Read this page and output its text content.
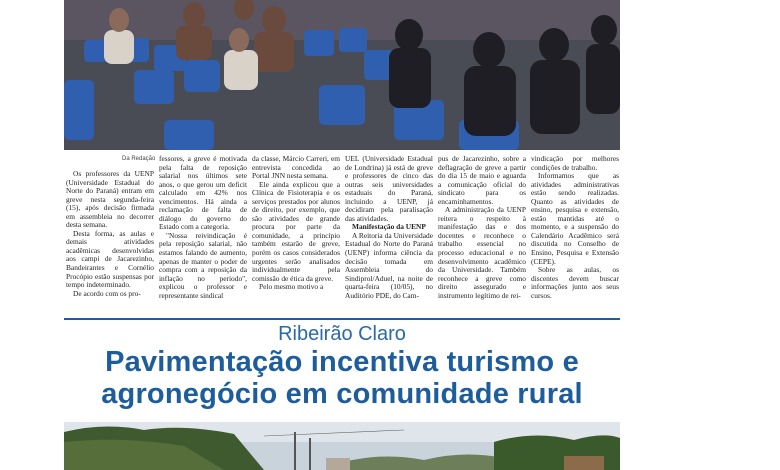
Da Redação

Os professores da UENP (Universidade Estadual do Norte do Paraná) entram em greve nesta segunda-feira (15), após decisão firmada em assembleia no decorrer desta semana.

Desta forma, as aulas e demais atividades acadêmicas desenvolvidas aos campi de Jacarezinho, Bandeirantes e Cornélio Procópio estão suspensas por tempo indeterminado.

De acordo com os pro-

fessores, a greve é motivada pela falta de reposição salarial nos últimos sete anos, o que gerou um deficit calculado em 42% nos vencimentos. Há ainda a reclamação de falta de diálogo do governo do Estado com a categoria.

"Nossa reivindicação é pela reposição salarial, não estamos falando de aumento, apenas de manter o poder de compra com a reposição da inflação no período", explicou o professor e representante sindical

da classe, Márcio Carreri, em entrevista concedida ao Portal JNN nesta semana.

Ele ainda explicou que a Clínica de Fisioterapia e os serviços prestados por alunos de direito, por exemplo, que são atividades de grande procura por parte da comunidade, a princípio também estarão de greve, porém os casos considerados urgentes serão analisados individualmente pela comissão de ética da greve.

Pelo mesmo motivo a

UEL (Universidade Estadual de Londrina) já está de greve e professores de cinco das outras seis universidades estaduais do Paraná, incluindo a UENP, já decidiram pela paralisação das atividades.

Manifestação da UENP

A Reitoria da Universidade Estadual do Norte do Paraná (UENP) informa ciência da decisão tomada em Assembleia do Sindiprol/Aduel, na noite de quarta-feira (10/05), no Auditório PDE, do Cam-

pus de Jacarezinho, sobre a deflagração de greve a partir do dia 15 de maio e aguarda a comunicação oficial do sindicato para os encaminhamentos.

A administração da UENP reitera o respeito à manifestação das e dos docentes e reconhece o trabalho essencial no processo educacional e no desenvolvimento acadêmico da Universidade. Também reconhece a greve como direito assegurado e instrumento legítimo de rei-

vindicação por melhores condições de trabalho.

Informamos que as atividades administrativas estão sendo realizadas. Quanto as atividades de ensino, pesquisa e extensão, estão mantidas até o momento, e a suspensão do Calendário Acadêmico será discutida no Conselho de Ensino, Pesquisa e Extensão (CEPE).

Sobre as aulas, os discentes devem buscar informações junto aos seus cursos.

Ribeirão Claro
Pavimentação incentiva turismo e agronegócio em comunidade rural
